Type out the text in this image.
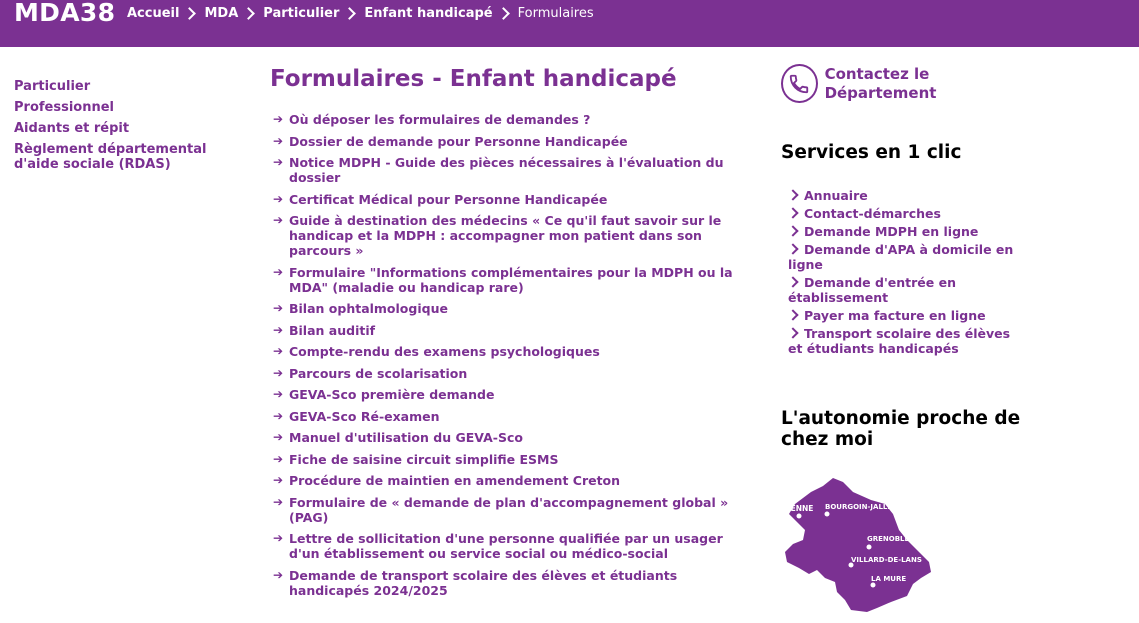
MDA38 Accueil MDA Particulier Enfant handicapé Formulaires
Particulier
Professionnel
Aidants et répit
Règlement départemental d'aide sociale (RDAS)
Formulaires - Enfant handicapé
➔ Où déposer les formulaires de demandes ?
➔ Dossier de demande pour Personne Handicapée
➔ Notice MDPH - Guide des pièces nécessaires à l'évaluation du dossier
➔ Certificat Médical pour Personne Handicapée
➔ Guide à destination des médecins « Ce qu'il faut savoir sur le handicap et la MDPH : accompagner mon patient dans son parcours »
➔ Formulaire "Informations complémentaires pour la MDPH ou la MDA" (maladie ou handicap rare)
➔ Bilan ophtalmologique
➔ Bilan auditif
➔ Compte-rendu des examens psychologiques
➔ Parcours de scolarisation
➔ GEVA-Sco première demande
➔ GEVA-Sco Ré-examen
➔ Manuel d'utilisation du GEVA-Sco
➔ Fiche de saisine circuit simplifie ESMS
➔ Procédure de maintien en amendement Creton
➔ Formulaire de « demande de plan d'accompagnement global » (PAG)
➔ Lettre de sollicitation d'une personne qualifiée par un usager d'un établissement ou service social ou médico-social
➔ Demande de transport scolaire des élèves et étudiants handicapés 2024/2025
Contactez le Département
Services en 1 clic
Annuaire
Contact-démarches
Demande MDPH en ligne
Demande d'APA à domicile en ligne
Demande d'entrée en établissement
Payer ma facture en ligne
Transport scolaire des élèves et étudiants handicapés
L'autonomie proche de chez moi
VIENNE BOURGOIN-JALLIEU
GRENOBLE
VILLARD-DE-LANS
LA MURE
